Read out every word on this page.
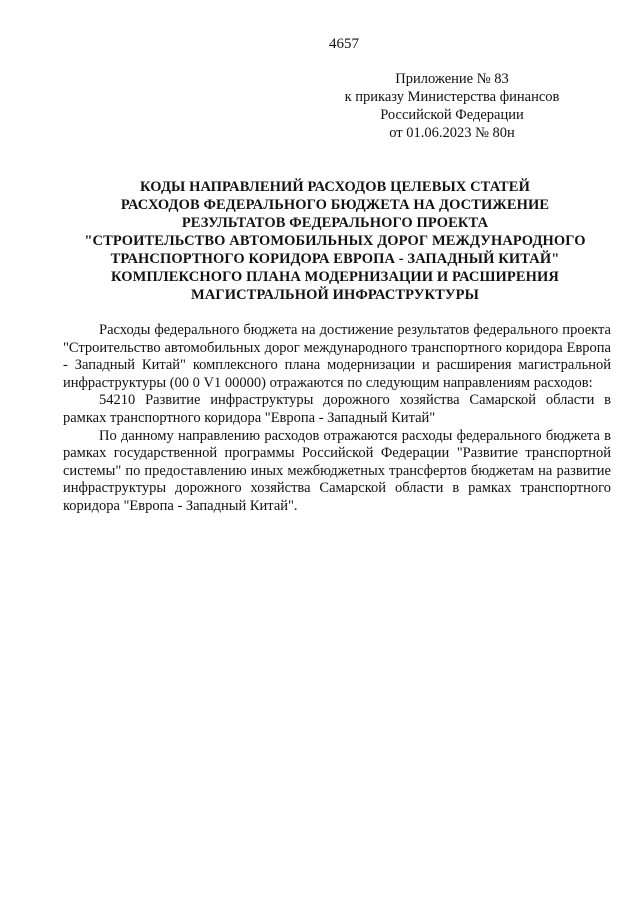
4657
Приложение № 83
к приказу Министерства финансов
Российской Федерации
от 01.06.2023 № 80н
КОДЫ НАПРАВЛЕНИЙ РАСХОДОВ ЦЕЛЕВЫХ СТАТЕЙ
РАСХОДОВ ФЕДЕРАЛЬНОГО БЮДЖЕТА НА ДОСТИЖЕНИЕ
РЕЗУЛЬТАТОВ ФЕДЕРАЛЬНОГО ПРОЕКТА
"СТРОИТЕЛЬСТВО АВТОМОБИЛЬНЫХ ДОРОГ МЕЖДУНАРОДНОГО
ТРАНСПОРТНОГО КОРИДОРА ЕВРОПА - ЗАПАДНЫЙ КИТАЙ"
КОМПЛЕКСНОГО ПЛАНА МОДЕРНИЗАЦИИ И РАСШИРЕНИЯ
МАГИСТРАЛЬНОЙ ИНФРАСТРУКТУРЫ

Расходы федерального бюджета на достижение результатов федерального проекта "Строительство автомобильных дорог международного транспортного коридора Европа - Западный Китай" комплексного плана модернизации и расширения магистральной инфраструктуры (00 0 V1 00000) отражаются по следующим направлениям расходов:

54210 Развитие инфраструктуры дорожного хозяйства Самарской области в рамках транспортного коридора "Европа - Западный Китай"

По данному направлению расходов отражаются расходы федерального бюджета в рамках государственной программы Российской Федерации "Развитие транспортной системы" по предоставлению иных межбюджетных трансфертов бюджетам на развитие инфраструктуры дорожного хозяйства Самарской области в рамках транспортного коридора "Европа - Западный Китай".
